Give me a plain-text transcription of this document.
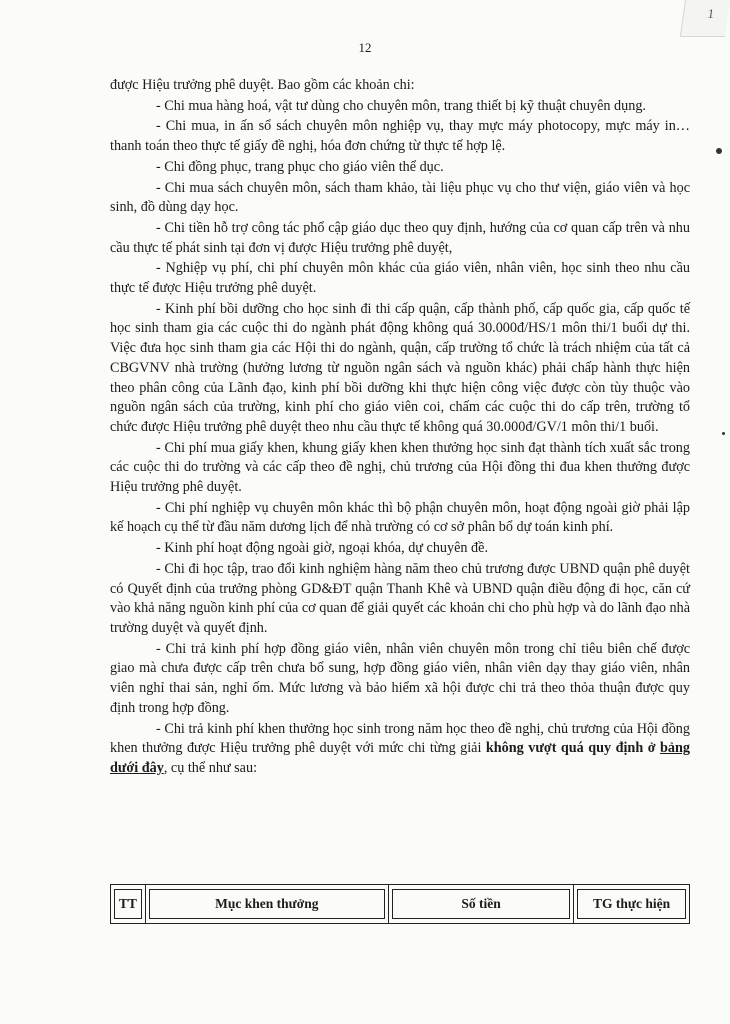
1
12

được Hiệu trưởng phê duyệt. Bao gồm các khoản chi:

- Chi mua hàng hoá, vật tư dùng cho chuyên môn, trang thiết bị kỹ thuật chuyên dụng.

- Chi mua, in ấn sổ sách chuyên môn nghiệp vụ, thay mực máy photocopy, mực máy in…thanh toán theo thực tế giấy đề nghị, hóa đơn chứng từ thực tế hợp lệ.

- Chi đồng phục, trang phục cho giáo viên thể dục.

- Chi mua sách chuyên môn, sách tham khảo, tài liệu phục vụ cho thư viện, giáo viên và học sinh, đồ dùng dạy học.

- Chi tiền hỗ trợ công tác phổ cập giáo dục theo quy định, hướng của cơ quan cấp trên và nhu cầu thực tế phát sinh tại đơn vị được Hiệu trưởng phê duyệt,

- Nghiệp vụ phí, chi phí chuyên môn khác của giáo viên, nhân viên, học sinh theo nhu cầu thực tế được Hiệu trưởng phê duyệt.

- Kinh phí bồi dưỡng cho học sinh đi thi cấp quận, cấp thành phố, cấp quốc gia, cấp quốc tế học sinh tham gia các cuộc thi do ngành phát động không quá 30.000đ/HS/1 môn thi/1 buổi dự thi. Việc đưa học sinh tham gia các Hội thi do ngành, quận, cấp trường tổ chức là trách nhiệm của tất cả CBGVNV nhà trường (hưởng lương từ nguồn ngân sách và nguồn khác) phải chấp hành thực hiện theo phân công của Lãnh đạo, kinh phí bồi dưỡng khi thực hiện công việc được còn tùy thuộc vào nguồn ngân sách của trường, kinh phí cho giáo viên coi, chấm các cuộc thi do cấp trên, trường tổ chức được Hiệu trưởng phê duyệt theo nhu cầu thực tế không quá 30.000đ/GV/1 môn thi/1 buổi.

- Chi phí mua giấy khen, khung giấy khen khen thưởng học sinh đạt thành tích xuất sắc trong các cuộc thi do trường và các cấp theo đề nghị, chủ trương của Hội đồng thi đua khen thưởng được Hiệu trưởng phê duyệt.

- Chi phí nghiệp vụ chuyên môn khác thì bộ phận chuyên môn, hoạt động ngoài giờ phải lập kế hoạch cụ thể từ đầu năm dương lịch để nhà trường có cơ sở phân bổ dự toán kinh phí.

- Kinh phí hoạt động ngoài giờ, ngoại khóa, dự chuyên đề.

- Chi đi học tập, trao đổi kinh nghiệm hàng năm theo chủ trương được UBND quận phê duyệt có Quyết định của trưởng phòng GD&ĐT quận Thanh Khê và UBND quận điều động đi học, căn cứ vào khả năng nguồn kinh phí của cơ quan để giải quyết các khoản chi cho phù hợp và do lãnh đạo nhà trường duyệt và quyết định.

- Chi trả kinh phí hợp đồng giáo viên, nhân viên chuyên môn trong chỉ tiêu biên chế được giao mà chưa được cấp trên chưa bổ sung, hợp đồng giáo viên, nhân viên dạy thay giáo viên, nhân viên nghỉ thai sản, nghỉ ốm. Mức lương và bảo hiểm xã hội được chi trả theo thỏa thuận được quy định trong hợp đồng.

- Chi trả kinh phí khen thưởng học sinh trong năm học theo đề nghị, chủ trương của Hội đồng khen thưởng được Hiệu trưởng phê duyệt với mức chi từng giải không vượt quá quy định ở bảng dưới đây, cụ thể như sau:

TT	Mục khen thưởng	Số tiền	TG thực hiện
